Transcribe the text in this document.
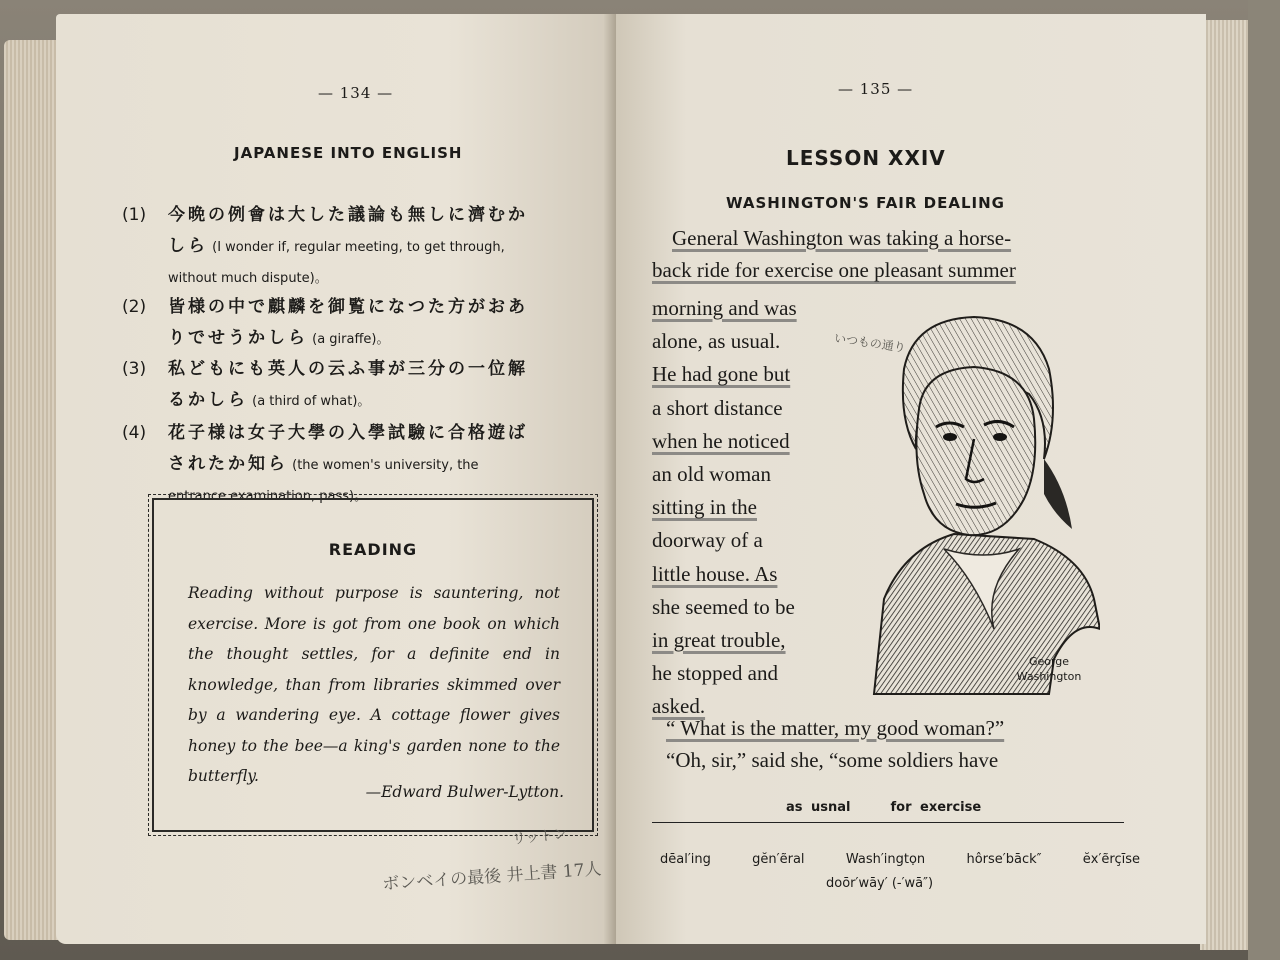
— 134 —
JAPANESE INTO ENGLISH
(1) 今晩の例會は大した議論も無しに濟むか
しら (I wonder if, regular meeting, to get through,
without much dispute)。
(2) 皆様の中で麒麟を御覧になつた方がおあ
りでせうかしら (a giraffe)。
(3) 私どもにも英人の云ふ事が三分の一位解
るかしら (a third of what)。
(4) 花子様は女子大學の入學試驗に合格遊ば
されたか知ら (the women's university, the
entrance examination, pass)。
READING
Reading without purpose is sauntering, not exercise. More is got from one book on which the thought settles, for a definite end in knowledge, than from libraries skimmed over by a wandering eye. A cottage flower gives honey to the bee—a king's garden none to the butterfly.
—Edward Bulwer-Lytton.
リットン
ボンベイの最後 井上書 17人
— 135 —
LESSON XXIV
WASHINGTON'S FAIR DEALING
General Washington was taking a horse-
back ride for exercise one pleasant summer
morning and was
alone, as usual.
He had gone but
a short distance
when he noticed
an old woman
sitting in the
doorway of a
little house. As
she seemed to be
in great trouble,
he stopped and
asked.
George
Washington
いつもの通り
“ What is the matter, my good woman?”
“Oh, sir,” said she, “some soldiers have
as usnal	for exercise
dēal′ing	gĕn′ẽral	Wash′ingtọn	hôrse′bāck″	ĕx′ẽrçīse
doōr′wāy′ (-′wā″)
